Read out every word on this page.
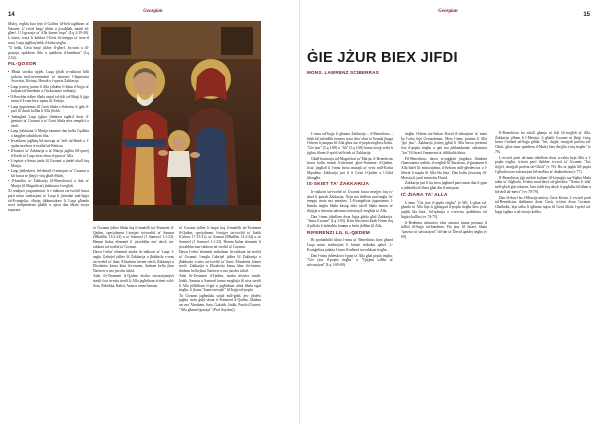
14
Georgian

Mulej, regħlu lura lejn il-Galilea fil-belt tagħhom ta' Nazaret. U t-tifel baqa' jikber u jissaħħaħ, mimli bl-għerf. U l-grazzja ta' Alla kienet fuqu" (Lq 2:39-40). L-istess, wara li kabbru l-Ġesù fit-tempju ta' tnax-il sena, Luqa jagħlaq hekk il-kitba tiegħu.

"U hekk, Ġesù baqa' jikber fl-għerf, fis-snin u fil-grazzja, quddiem Alla u quddiem il-bnedmin" (Lq 2:52).

FIL-QOSOR

• Bħala storiku tajjeb, Luqa jiftaħ ir-rakkont billi jorbotu mal-avvenimenti ta' żmienu: l-Imperatur Awwistu, Kirinju, Herodi u l-qassis Żakkarija.

• Luqa jixtieq jurina li Alla jaħdem fi ħdan il-ħajja ta' kuljum tal-bnedmin u f'ċirkustanzi ordinarji.

• Il-Kewkba tidher bħala sinjal tal-fidi tal-Maġi li jiġu minn il-Lvant biex iqimu lit-Tarbija.

• Luqa jippreżenta lil Ġesù bħala s-Salvatur li jġib il-paċi lil dawk kollha li Alla jħobb.

• Imbagħad Luqa jiġbor flimkien tagħrif dwar il-ġenituri ta' Ġwanni u ta' Ġesù bħala nies sempliċi u umli.

• Luqa jfakkarna li Marija żammet dan kollu f'qalbha u baqgħet taħsibhom fiha.

• Ir-rakkont jagħlaq bil-mewġa ta' ferħ tal-ħbieb u l-qraba madwar it-twelid tal-Battista.

• Il-kantiċi ta' Żakkarija u ta' Marija jagħtu lill-qarrej il-ħsieb ta' Luqa stess dwar il-pjan ta' Alla.

• L-ispirtu s-Santu jimla lil Ġwanni u jindel ukoll fuq Marija.

• Luqa jiddeskrivi fid-dettall il-missjoni ta' Ġwanni u kif huwa se jħejji t-triq għall-Mulej.

• Il-kantiku ta' Żakkarija (il-Benedictus) u dak ta' Marija (il-Magnificat) jfakkruna l-wegħdi.

Xi studjużi jargumentaw li r-rakkont tat-twelid huwa parti minn tradizzjoni ta' Luqa li jintrabat mal-bqija tal-Evanġelju; oħrajn jikkunsidraw li Luqa għandu sorsi indipendenti għalih u jqisu dan bħala storja separata.

ta' Ġwanni jidher bħala fuq il-mudelli tat-Testment il-Qadim, speċjalment l-istejjer tat-twelid ta' Sansun (Mħallfin 13:2-24) u ta' Samwel (1 Samwel 1:1-23). Hemm ħafna elementi li jixxebbhu ma' dawk tar-rakkont tat-twelid ta' Ġwanni.

Dawn l-erba' elementi msiba fir-rakkont ta' Luqa: l-anġlu Gabrijel jidher lil Żakkarija u jħabbrilu s-sens tat-twelid ta' ibnu; Elizabetta kienet steril; Żakkarija u Elizabetta kienu kbar fiż-żmien; ibnhom kellu jkun Nażirew u ma jixrobx inbid.

Anki fit-Testment il-Qadim insibu sitwazzjonijiet simili fost in-nisa sterili li Alla jagħtihom it-tieni wild: Sara, Rebekka, Rakel, Anna u omm Sansun.

ta' Ġwanni jidher li baqat fuq il-mudelli tat-Testment il-Qadim, speċjalment l-istejjer tat-twelid ta' Iżakk (Ġenesi 17:15-21), ta' Sansun (Mħallfin 13:2-24) u ta' Samwel (1 Samwel 1:1-23). Hemm ħafna elementi li jixxebbhu mar-rakkont tat-twelid ta' Ġwanni.

Dawn l-erba' elementi nsibuhom fir-rakkont tat-twelid ta' Ġwanni: l-anġlu Gabrijel jidher lil Żakkarija u jħabbarlu s-sens tat-twelid ta' ibnu; Elizabetta kienet steril; Żakkarija u Elizabetta kienu kbar fiż-żmien; ibnhom kellu jkun Nażirew u ma jixrobx inbid.

Anki fit-Testment il-Qadim, insibu tifsiriet simili: Iżakk, Sansun u Samwel huma mogħtija lil nisa sterili li Alla jiftħilhom il-ġuf u jagħtihom ulied bħala rigal tiegħu, li jkunu "kontroversjali" fil-ħajja tal-poplu.

Ta' Ġwanni jagħmlulu sinjal mill-ġdid, jew jibdew jagħtu isem ġdid skont it-Testment il-Qadim, bħalma sar ma' Abraham, Sara, Ġakobb, Iżakk, Pawlu (Ġonew, "Alla għamel grazzja" [Prof Saydon]).

Georgian
15
ĠIE JŻUR BIEX JIFDI
MONS. LAWRENZ SCIBERRAS

L-innu tal-ħajja li għanna Żakkarija – il-Benedictus – hekk kif infetaħlu fommu wara disa' xhur ta' ħemda jlaqqa l-kliem li jnaqqax lil Alla għax żar il-poplu tiegħu u ħelsu. "Ġie jżur" (Lq 1:68) u "fdi" (Lq 1:68) huma żewġ verbi li jiġbru fihom il-qofol tal-ħsieb ta' Żakkarija.

Għall-kuntrarju tal-Magnificat ta' Marija, il-Benedictus huwa kollu mimli b'riferenzi għat-Testment il-Qadim. Jista' jingħad li l-innu huwa mużajk ta' versi mill-Kotba Mqaddsa. Żakkarija juri li fi Ġesù l-Qadim u l-Ġdid jiltaqgħu.

IS-SKIET TA' ŻAKKARIJA

Ir-rakkont tat-twelid ta' Ġwanni huwa msejjes fuq is-skiet li ġarrab Żakkarija. Xejn ma tkellem mal-anġlu fit-tempju meta ma emminx. L-Evanġelista jippreżenta l-ħemda tiegħu bħala kastig iżda wkoll bħala żmien ta' tħejjija u tistenna sakemm titwettaq il-wegħda ta' Alla.

Dan l-innu jitkellem dwar ħajja ġdida għal Żakkarija. "Ismu Ġwanni" (Lq 1:63). Kien biss meta kiteb l-isem fuq il-pillola li infetaħlu fommu u beda jfaħħar lil Alla.

RIFERENZI LIL IL-QEDEM

Bi probabbiltà kbira l-innu ta' Benedictus kien għand Luqa minn tradizzjoni li kienet miktuba qabel. L-Evanġelista jadatta l-innu fl-inħawi tar-rakkont tiegħu.

Dan l-innu jiddeskrivi l-pjan ta' Alla għal poplu tiegħu: "Ġie jżur il-poplu tiegħu" u "Qajjem saħħa ta' salvazzjoni" (Lq 1:68-69).

tiegħu l-kliem tas-Sultan David fl-okkażjoni ta' meta ħa l-arka lejn Ġerusalemm. Meta l-innu jsemmi li Alla "ġie jżur", Żakkarija jixtieq jgħid li Alla huwa preżenti fost il-poplu tiegħu u qatt ma jabbandunah; saħansitra "żar" lil Iżrael f'mumenti ta' diffikultà kbira.

Fil-Benedictus dawn is-suġġetti jinġabru flimkien f'kanzunetta waħda: il-wegħdi lil Abraham, il-ġurament li Alla ħalef lil missirijietna, il-ħelsien mill-għedewwa u l-libertà li naqdu lil Alla bla biża'. Dan kollu jitwettaq fil-Messija li jasal minn dar David.

Żakkarija juri li hu stess jagħmel parti minn dan il-pjan u jiddedika lil ibnu għal din il-missjoni.

IĊ-ŻIARA TA' ALLA

L-innu "Ġie jżur il-poplu tiegħu" (v 68). L-għan tal-għażla ta' Alla hija li jgħaqqad il-poplu tiegħu biex jista' jaqdih bla biża', bil-qdusija u s-sewwa quddiemu tul ħajjitu kollha (vv 74-75).

Ir-Redentur mhuwiex idea astratta imma persuna li tidħol fil-ħajja tal-bnedmin. Hu jżur lil Iżrael, bħala "qawwa ta' salvazzjoni" fid-dar ta' David qaddej tiegħu (v 69).

Il-Benedictus hu wkoll għanja ta' fidi fil-wegħdi ta' Alla. Żakkarija jifhem li l-Messija, li għalih Ġwanni se jħejji t-triq, huwa l-milied tal-ħajja ġdida. "Int, tfajjel, tissejjaħ profeta tal-Għoli, għax tmur quddiem il-Mulej biex tħejjilu t-triq tiegħu" (v 76).

L-ewwel parti tal-innu titkellem dwar ir-rabta bejn Alla u l-poplu tiegħu, it-tieni parti tħabbar ir-rwol ta' Ġwanni: "Int, tfajjel, tissejjaħ profeta tal-Għoli" (v 76). Hu se jagħti lill-poplu l-għarfien tas-salvazzjoni bil-maħfra ta' dnubiethom (v 77).

Il-Benedictus jiġi mitlub kuljum fil-Liturġija tas-Sigħat bħala talba ta' filgħodu, b'rabta mad-dawl tal-għodwa: "Xemx li titla' mill-għoli ġiet iżżurna, biex tiddi fuq dawk li qegħdin fid-dlam u fid-dell tal-mewt" (vv 78-79).

Dan id-dawl hu l-Messija nnifsu, Ġesù Kristu. L-ewwel parti tal-Benedictus tkellimna dwar Ġesù, it-tieni dwar Ġwanni. Għalhekk, hija talba li tgħinna nqisu lil Ġesù bħala l-qofol tal-ħajja tagħna u tal-istorja kollha.
